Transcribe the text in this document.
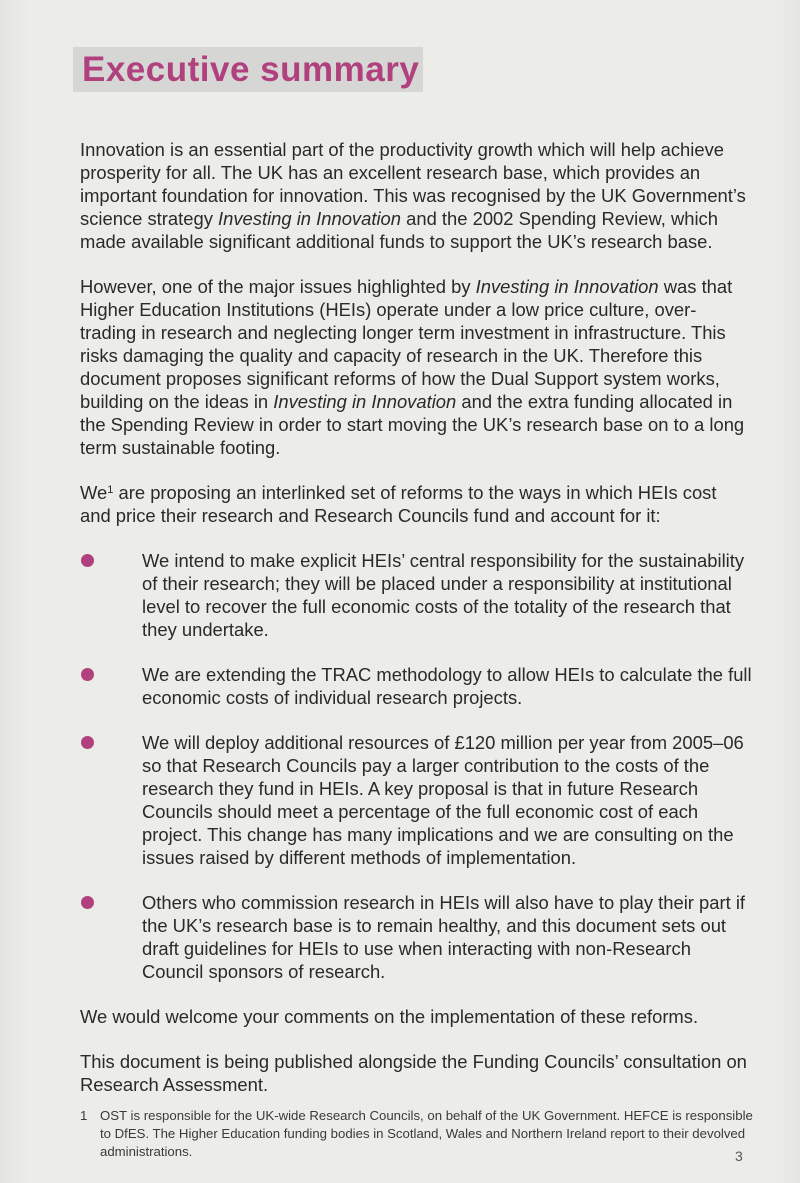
Executive summary

Innovation is an essential part of the productivity growth which will help achieve prosperity for all. The UK has an excellent research base, which provides an important foundation for innovation. This was recognised by the UK Government’s science strategy Investing in Innovation and the 2002 Spending Review, which made available significant additional funds to support the UK’s research base.

However, one of the major issues highlighted by Investing in Innovation was that Higher Education Institutions (HEIs) operate under a low price culture, over-trading in research and neglecting longer term investment in infrastructure. This risks damaging the quality and capacity of research in the UK. Therefore this document proposes significant reforms of how the Dual Support system works, building on the ideas in Investing in Innovation and the extra funding allocated in the Spending Review in order to start moving the UK’s research base on to a long term sustainable footing.

We$^1$ are proposing an interlinked set of reforms to the ways in which HEIs cost and price their research and Research Councils fund and account for it:

We intend to make explicit HEIs’ central responsibility for the sustainability of their research; they will be placed under a responsibility at institutional level to recover the full economic costs of the totality of the research that they undertake.
We are extending the TRAC methodology to allow HEIs to calculate the full economic costs of individual research projects.
We will deploy additional resources of £120 million per year from 2005–06 so that Research Councils pay a larger contribution to the costs of the research they fund in HEIs. A key proposal is that in future Research Councils should meet a percentage of the full economic cost of each project. This change has many implications and we are consulting on the issues raised by different methods of implementation.
Others who commission research in HEIs will also have to play their part if the UK’s research base is to remain healthy, and this document sets out draft guidelines for HEIs to use when interacting with non-Research Council sponsors of research.

We would welcome your comments on the implementation of these reforms.

This document is being published alongside the Funding Councils’ consultation on Research Assessment.

1 OST is responsible for the UK-wide Research Councils, on behalf of the UK Government. HEFCE is responsible to DfES. The Higher Education funding bodies in Scotland, Wales and Northern Ireland report to their devolved administrations.	3
